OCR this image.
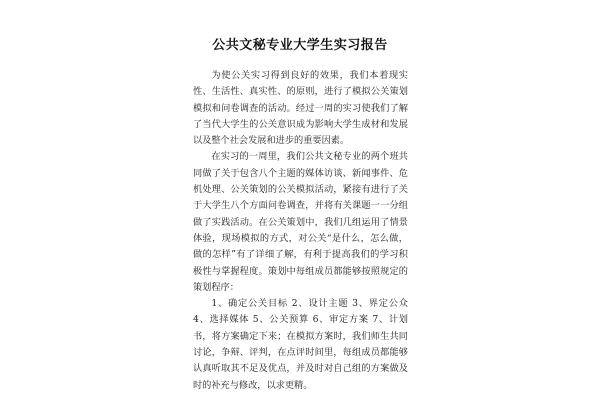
公共文秘专业大学生实习报告

为使公关实习得到良好的效果，我们本着现实性、生活性、真实性、的原则，进行了模拟公关策划模拟和问卷调查的活动。经过一周的实习使我们了解了当代大学生的公关意识成为影响大学生成材和发展以及整个社会发展和进步的重要因素。

在实习的一周里，我们公共文秘专业的两个班共同做了关于包含八个主题的媒体访谈、新闻事件、危机处理、公关策划的公关模拟活动，紧接有进行了关于大学生八个方面问卷调查，并将有关课题一一分组做了实践活动。在公关策划中，我们几组运用了情景体验，现场模拟的方式，对公关“是什么，怎么做，做的怎样”有了详细了解，有利于提高我们的学习积极性与掌握程度。策划中每组成员都能够按照规定的策划程序：

1、确定公关目标 2、设计主题 3、界定公众 4、选择媒体 5、公关预算 6、审定方案 7、计划书，将方案确定下来；在模拟方案时，我们师生共同讨论，争辩、评判，在点评时间里，每组成员都能够认真听取其不足及优点，并及时对自己组的方案做及时的补充与修改，以求更精。
